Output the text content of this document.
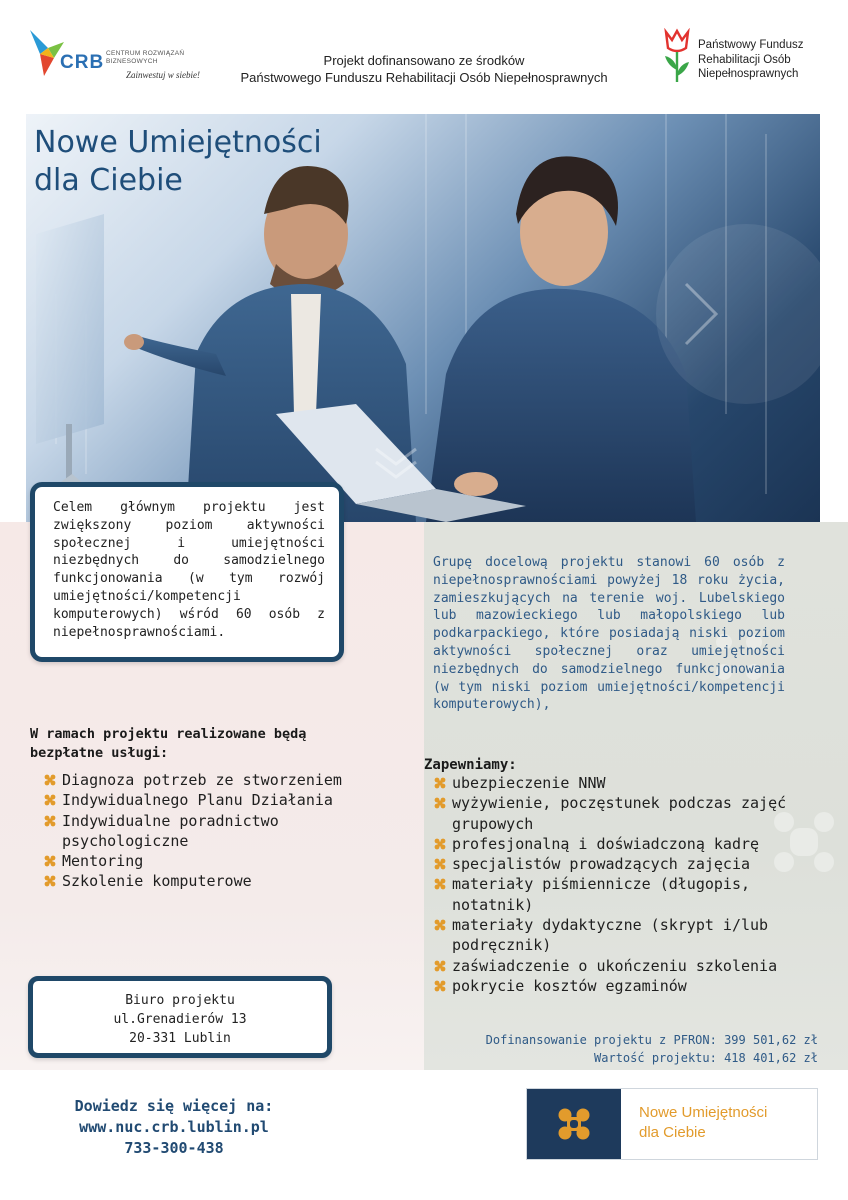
CRB CENTRUM ROZWIĄZAŃ
BIZNESOWYCH
Zainwestuj w siebie!
Projekt dofinansowano ze środków
Państwowego Funduszu Rehabilitacji Osób Niepełnosprawnych
Państwowy Fundusz
Rehabilitacji Osób
Niepełnosprawnych
Nowe Umiejętności
dla Ciebie
Celem głównym projektu jest zwiększony poziom aktywności społecznej i umiejętności niezbędnych do samodzielnego funkcjonowania (w tym rozwój umiejętności/kompetencji komputerowych) wśród 60 osób z niepełnosprawnościami.
Grupę docelową projektu stanowi 60 osób z niepełnosprawnościami powyżej 18 roku życia, zamieszkujących na terenie woj. Lubelskiego lub mazowieckiego lub małopolskiego lub podkarpackiego, które posiadają niski poziom aktywności społecznej oraz umiejętności niezbędnych do samodzielnego funkcjonowania (w tym niski poziom umiejętności/kompetencji komputerowych),
W ramach projektu realizowane będą
bezpłatne usługi:
Diagnoza potrzeb ze stworzeniem
Indywidualnego Planu Działania
Indywidualne poradnictwo psychologiczne
Mentoring
Szkolenie komputerowe
Zapewniamy:
ubezpieczenie NNW
wyżywienie, poczęstunek podczas zajęć grupowych
profesjonalną i doświadczoną kadrę
specjalistów prowadzących zajęcia
materiały piśmiennicze (długopis, notatnik)
materiały dydaktyczne (skrypt i/lub podręcznik)
zaświadczenie o ukończeniu szkolenia
pokrycie kosztów egzaminów
Biuro projektu
ul.Grenadierów 13
20-331 Lublin	Dofinansowanie projektu z PFRON: 399 501,62 zł
Wartość projektu: 418 401,62 zł
Dowiedz się więcej na:
www.nuc.crb.lublin.pl
733-300-438
Nowe Umiejętności
dla Ciebie
